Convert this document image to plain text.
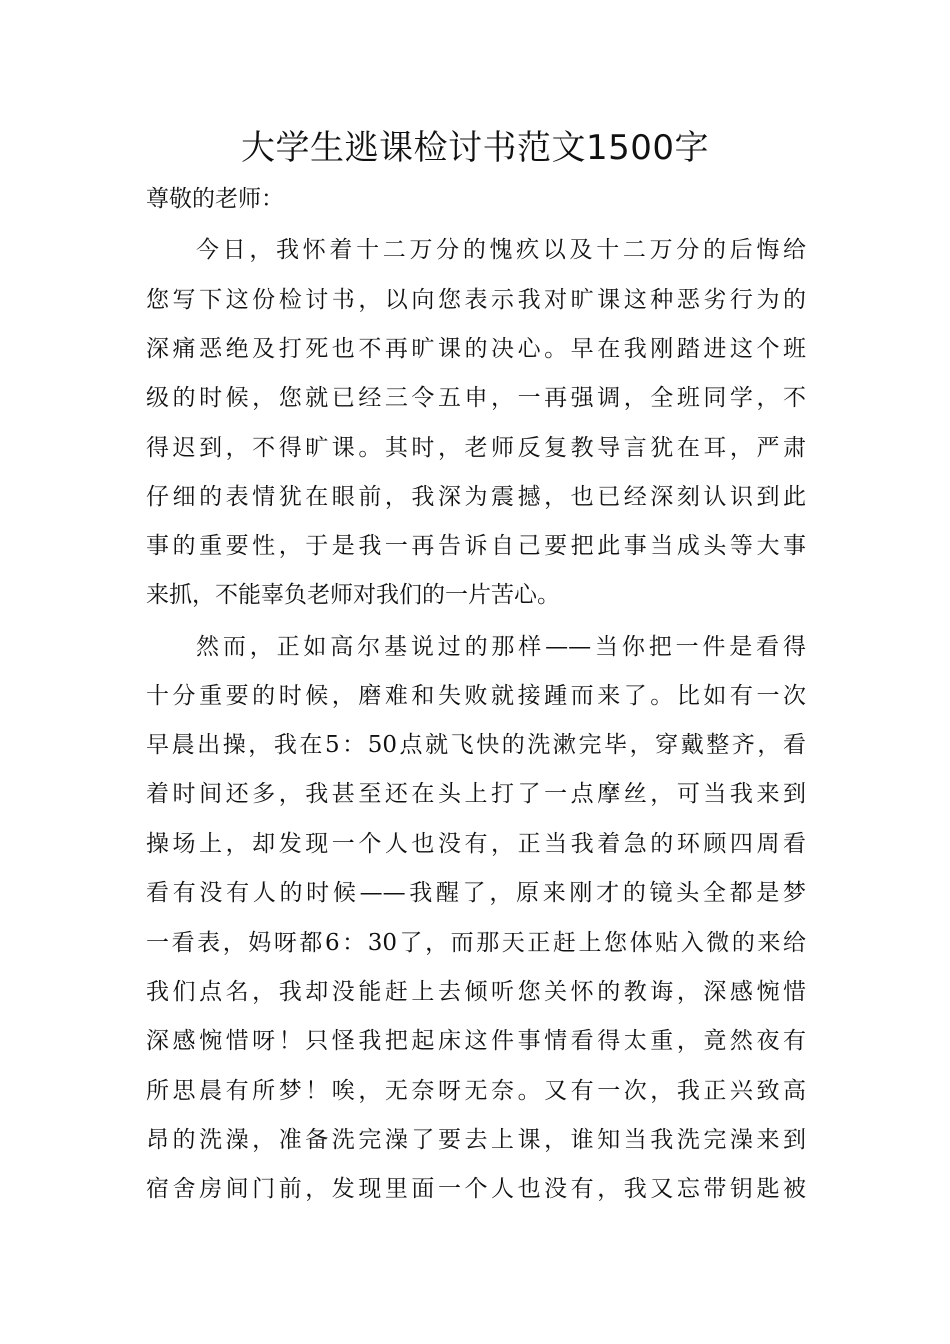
大学生逃课检讨书范文1500字

尊敬的老师：

今日，我怀着十二万分的愧疚以及十二万分的后悔给

您写下这份检讨书，以向您表示我对旷课这种恶劣行为的

深痛恶绝及打死也不再旷课的决心。早在我刚踏进这个班

级的时候，您就已经三令五申，一再强调，全班同学，不

得迟到，不得旷课。其时，老师反复教导言犹在耳，严肃

仔细的表情犹在眼前，我深为震撼，也已经深刻认识到此

事的重要性，于是我一再告诉自己要把此事当成头等大事

来抓，不能辜负老师对我们的一片苦心。

然而，正如高尔基说过的那样——当你把一件是看得

十分重要的时候，磨难和失败就接踵而来了。比如有一次

早晨出操，我在5：50点就飞快的洗漱完毕，穿戴整齐，看

着时间还多，我甚至还在头上打了一点摩丝，可当我来到

操场上，却发现一个人也没有，正当我着急的环顾四周看

看有没有人的时候——我醒了，原来刚才的镜头全都是梦

一看表，妈呀都6：30了，而那天正赶上您体贴入微的来给

我们点名，我却没能赶上去倾听您关怀的教诲，深感惋惜

深感惋惜呀！只怪我把起床这件事情看得太重，竟然夜有

所思晨有所梦！唉，无奈呀无奈。又有一次，我正兴致高

昂的洗澡，准备洗完澡了要去上课，谁知当我洗完澡来到

宿舍房间门前，发现里面一个人也没有，我又忘带钥匙被
